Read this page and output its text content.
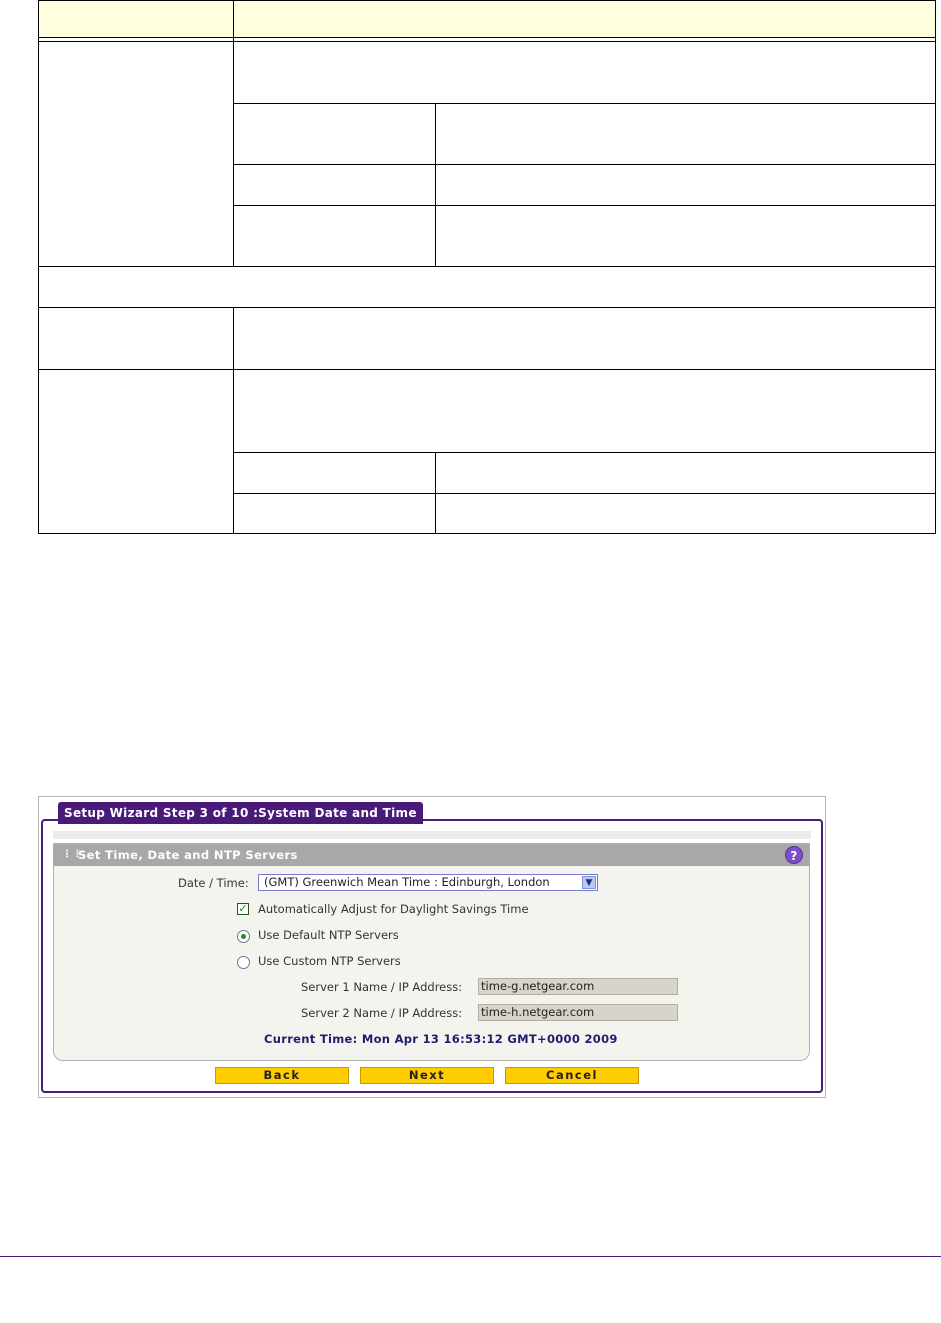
Setup Wizard Step 3 of 10 :System Date and Time
⋮⋮
Set Time, Date and NTP Servers	?
Date / Time:	(GMT) Greenwich Mean Time : Edinburgh, London	▼
✓ Automatically Adjust for Daylight Savings Time
Use Default NTP Servers
Use Custom NTP Servers
Server 1 Name / IP Address: time-g.netgear.com
Server 2 Name / IP Address: time-h.netgear.com
Current Time: Mon Apr 13 16:53:12 GMT+0000 2009
Back	Next	Cancel
